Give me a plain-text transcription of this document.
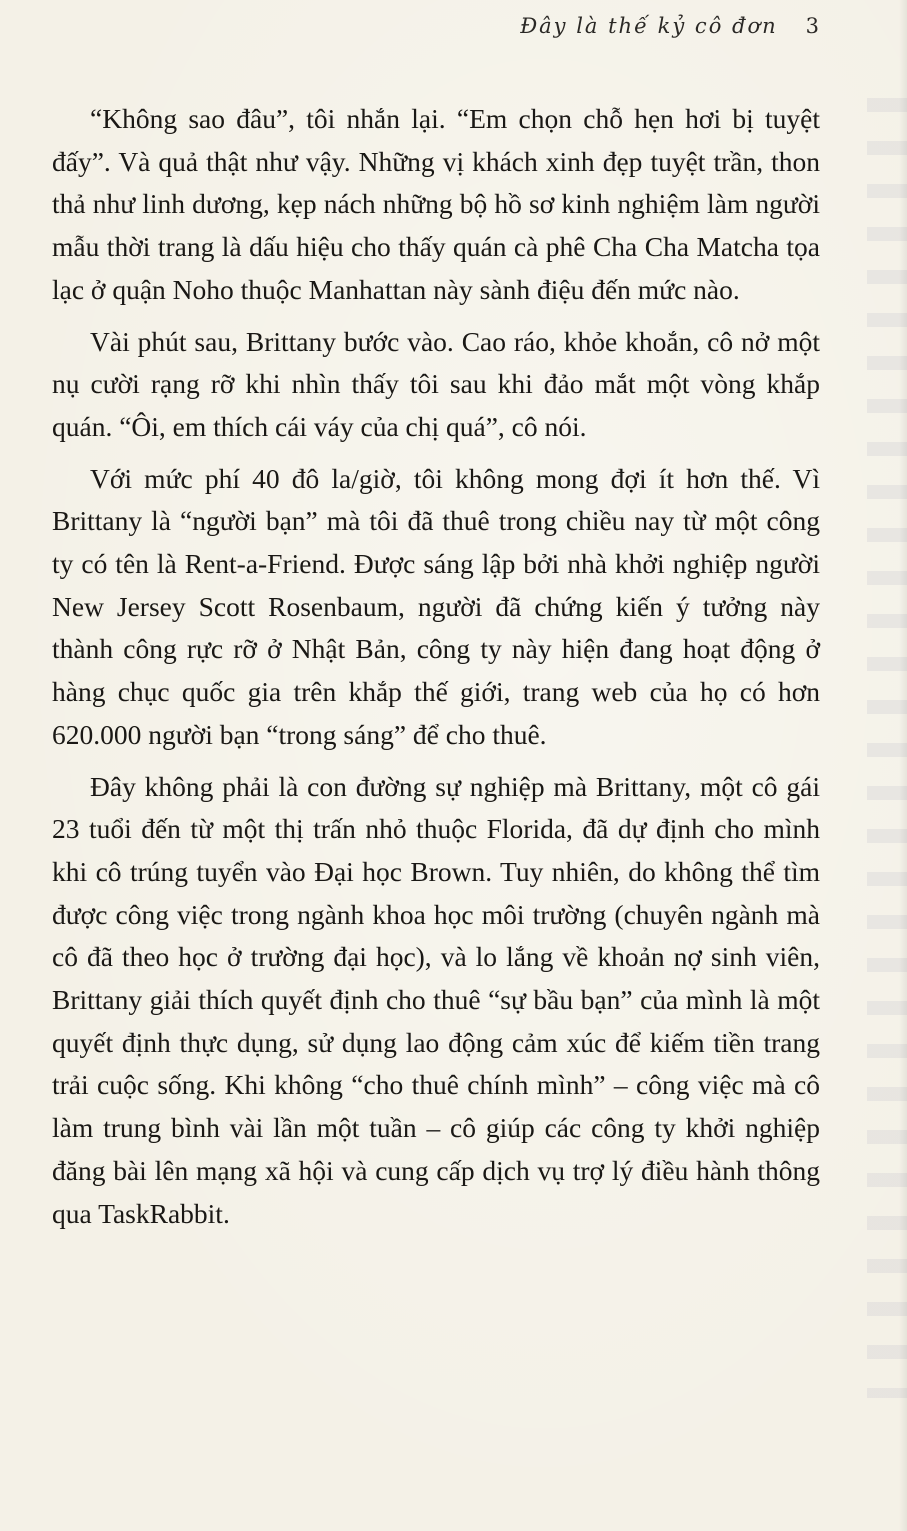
Đây là thế kỷ cô đơn 3

“Không sao đâu”, tôi nhắn lại. “Em chọn chỗ hẹn hơi bị tuyệt đấy”. Và quả thật như vậy. Những vị khách xinh đẹp tuyệt trần, thon thả như linh dương, kẹp nách những bộ hồ sơ kinh nghiệm làm người mẫu thời trang là dấu hiệu cho thấy quán cà phê Cha Cha Matcha tọa lạc ở quận Noho thuộc Manhattan này sành điệu đến mức nào.

Vài phút sau, Brittany bước vào. Cao ráo, khỏe khoắn, cô nở một nụ cười rạng rỡ khi nhìn thấy tôi sau khi đảo mắt một vòng khắp quán. “Ôi, em thích cái váy của chị quá”, cô nói.

Với mức phí 40 đô la/giờ, tôi không mong đợi ít hơn thế. Vì Brittany là “người bạn” mà tôi đã thuê trong chiều nay từ một công ty có tên là Rent-a-Friend. Được sáng lập bởi nhà khởi nghiệp người New Jersey Scott Rosenbaum, người đã chứng kiến ý tưởng này thành công rực rỡ ở Nhật Bản, công ty này hiện đang hoạt động ở hàng chục quốc gia trên khắp thế giới, trang web của họ có hơn 620.000 người bạn “trong sáng” để cho thuê.

Đây không phải là con đường sự nghiệp mà Brittany, một cô gái 23 tuổi đến từ một thị trấn nhỏ thuộc Florida, đã dự định cho mình khi cô trúng tuyển vào Đại học Brown. Tuy nhiên, do không thể tìm được công việc trong ngành khoa học môi trường (chuyên ngành mà cô đã theo học ở trường đại học), và lo lắng về khoản nợ sinh viên, Brittany giải thích quyết định cho thuê “sự bầu bạn” của mình là một quyết định thực dụng, sử dụng lao động cảm xúc để kiếm tiền trang trải cuộc sống. Khi không “cho thuê chính mình” – công việc mà cô làm trung bình vài lần một tuần – cô giúp các công ty khởi nghiệp đăng bài lên mạng xã hội và cung cấp dịch vụ trợ lý điều hành thông qua TaskRabbit.
